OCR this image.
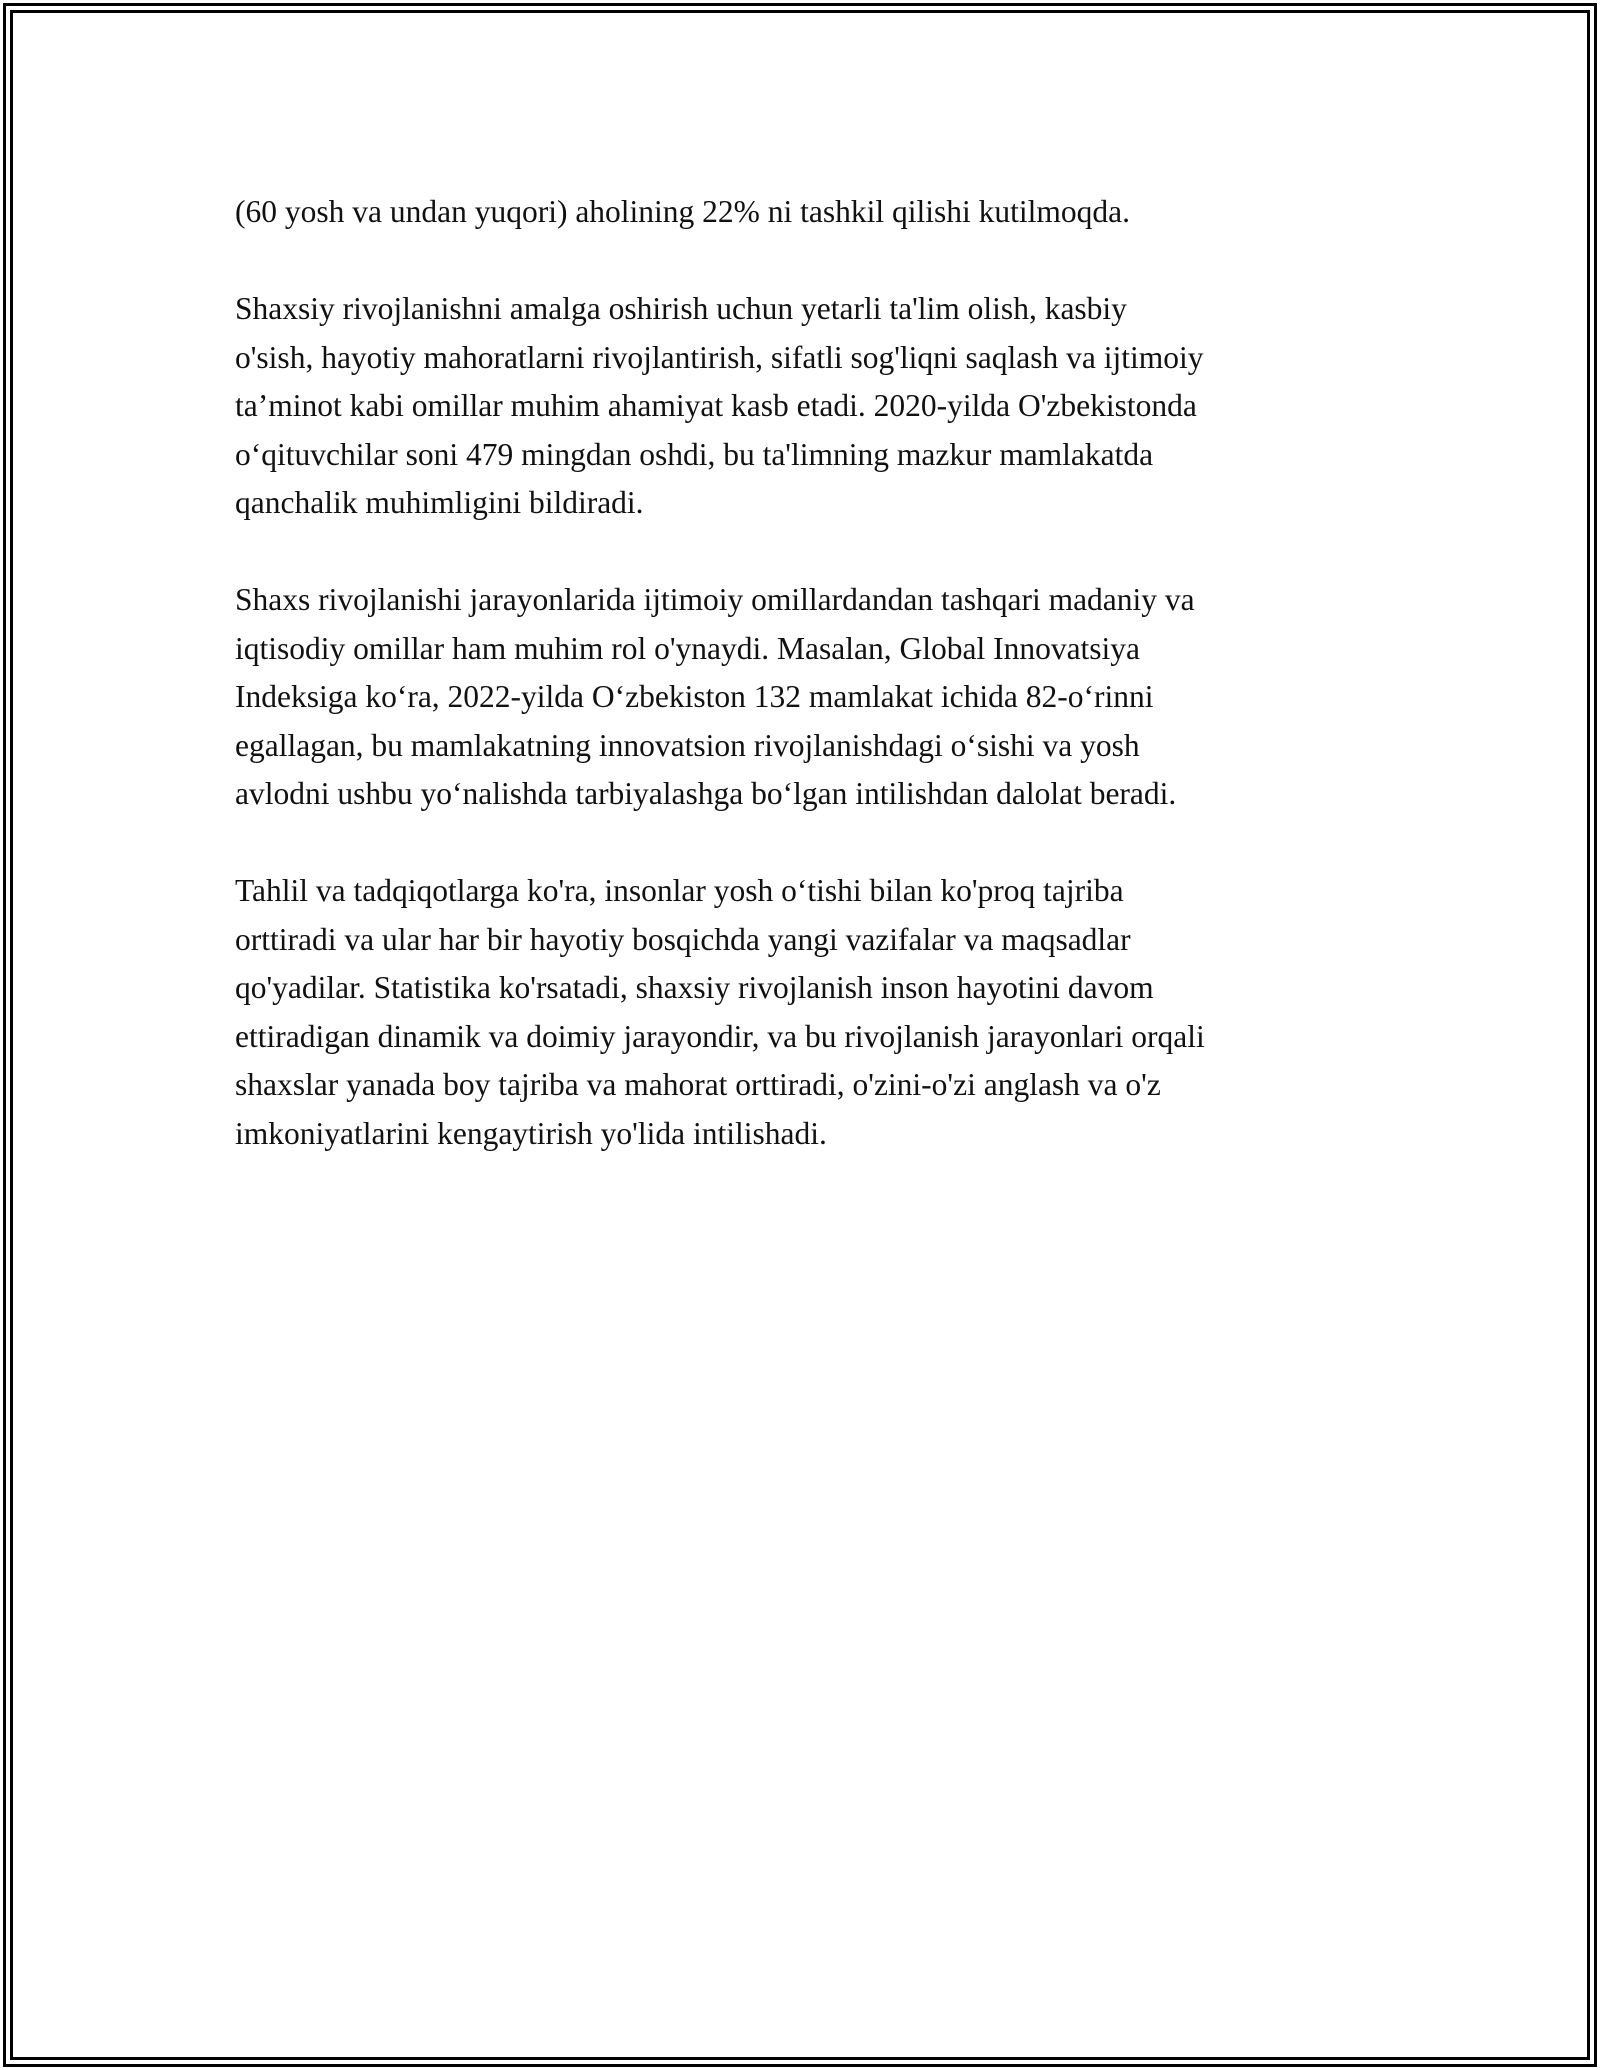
(60 yosh va undan yuqori) aholining 22% ni tashkil qilishi kutilmoqda.

Shaxsiy rivojlanishni amalga oshirish uchun yetarli ta'lim olish, kasbiy
o'sish, hayotiy mahoratlarni rivojlantirish, sifatli sog'liqni saqlash va ijtimoiy
ta’minot kabi omillar muhim ahamiyat kasb etadi. 2020-yilda O'zbekistonda
o‘qituvchilar soni 479 mingdan oshdi, bu ta'limning mazkur mamlakatda
qanchalik muhimligini bildiradi.

Shaxs rivojlanishi jarayonlarida ijtimoiy omillardandan tashqari madaniy va
iqtisodiy omillar ham muhim rol o'ynaydi. Masalan, Global Innovatsiya
Indeksiga ko‘ra, 2022-yilda O‘zbekiston 132 mamlakat ichida 82-o‘rinni
egallagan, bu mamlakatning innovatsion rivojlanishdagi o‘sishi va yosh
avlodni ushbu yo‘nalishda tarbiyalashga bo‘lgan intilishdan dalolat beradi.

Tahlil va tadqiqotlarga ko'ra, insonlar yosh o‘tishi bilan ko'proq tajriba
orttiradi va ular har bir hayotiy bosqichda yangi vazifalar va maqsadlar
qo'yadilar. Statistika ko'rsatadi, shaxsiy rivojlanish inson hayotini davom
ettiradigan dinamik va doimiy jarayondir, va bu rivojlanish jarayonlari orqali
shaxslar yanada boy tajriba va mahorat orttiradi, o'zini-o'zi anglash va o'z
imkoniyatlarini kengaytirish yo'lida intilishadi.
